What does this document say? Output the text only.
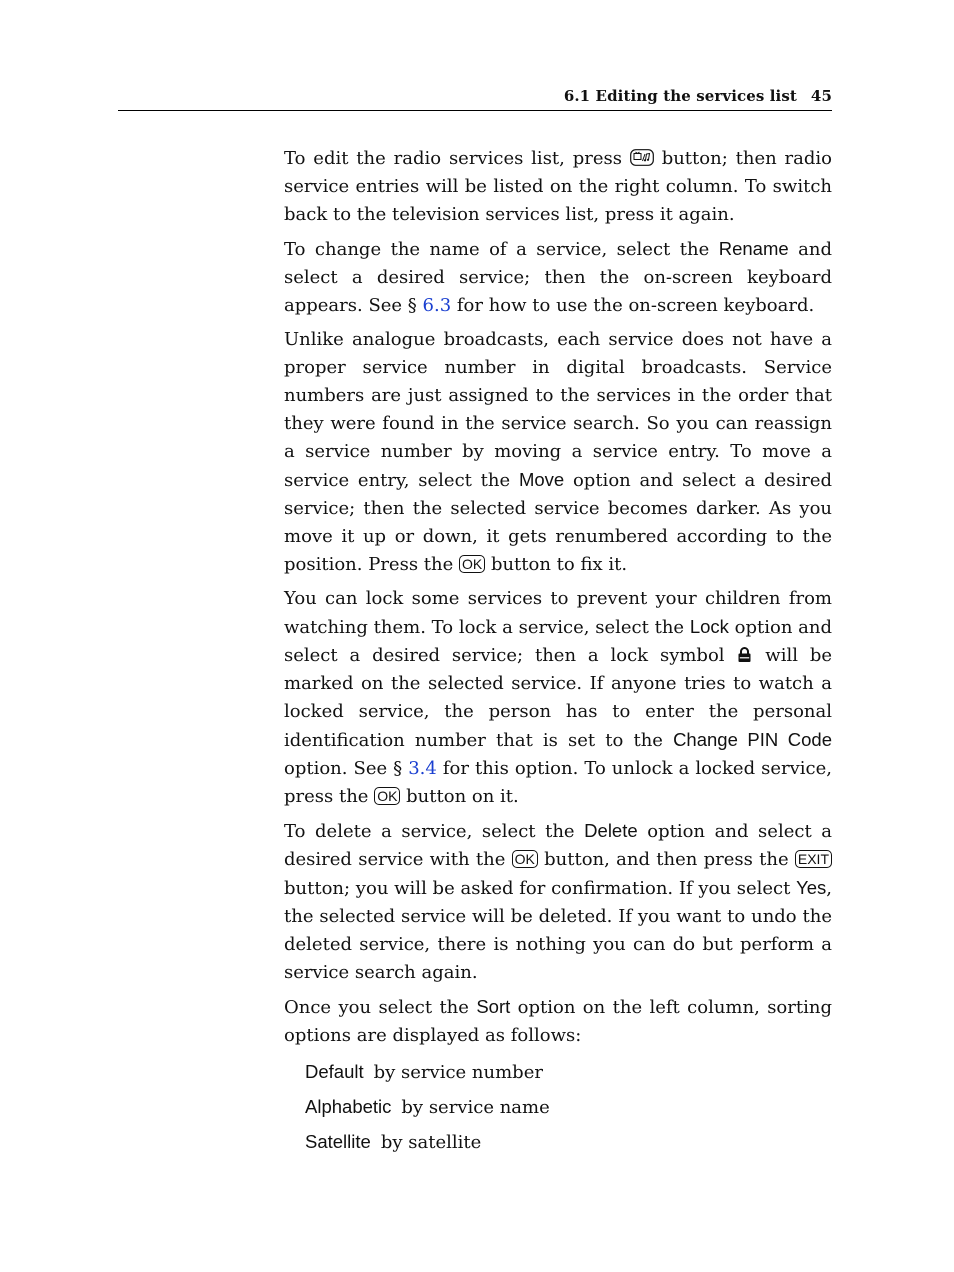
6.1 Editing the services list 45

To edit the radio services list, press  button; then radio service entries will be listed on the right column. To switch back to the television services list, press it again.

To change the name of a service, select the Rename and select a desired service; then the on-screen keyboard appears. See § 6.3 for how to use the on-screen keyboard.

Unlike analogue broadcasts, each service does not have a proper service number in digital broadcasts. Service numbers are just assigned to the services in the order that they were found in the service search. So you can reassign a service number by moving a service entry. To move a service entry, select the Move option and select a desired service; then the selected service becomes darker. As you move it up or down, it gets renumbered according to the position. Press the OK button to fix it.

You can lock some services to prevent your children from watching them. To lock a service, select the Lock option and select a desired service; then a lock symbol  will be marked on the selected service. If anyone tries to watch a locked service, the person has to enter the personal identification number that is set to the Change PIN Code option. See § 3.4 for this option. To unlock a locked service, press the OK button on it.

To delete a service, select the Delete option and select a desired service with the OK button, and then press the EXIT button; you will be asked for confirmation. If you select Yes, the selected service will be deleted. If you want to undo the deleted service, there is nothing you can do but perform a service search again.

Once you select the Sort option on the left column, sorting options are displayed as follows:

Default by service number
Alphabetic by service name
Satellite by satellite
